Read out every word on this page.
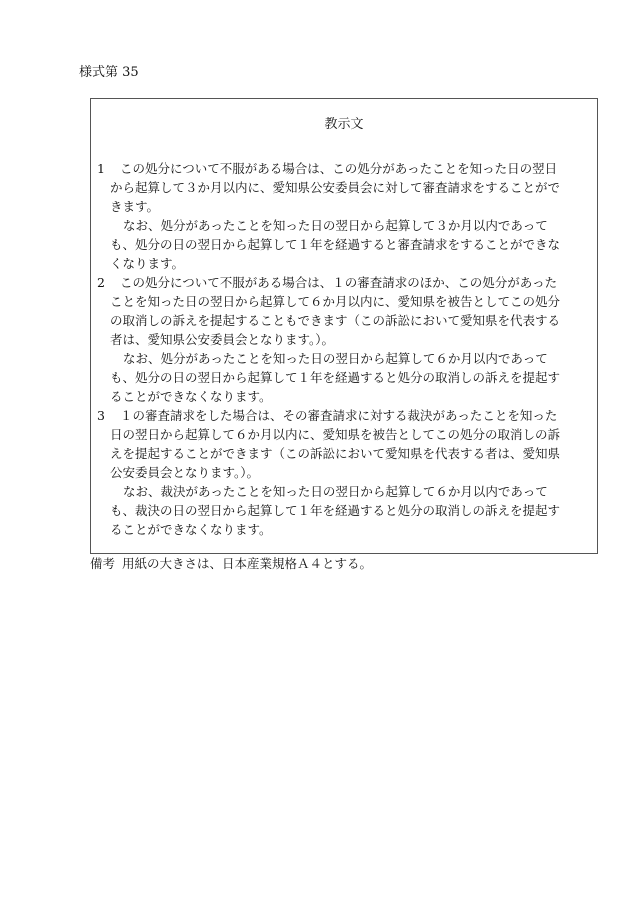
様式第 35
教示文
1 この処分について不服がある場合は、この処分があったことを知った日の翌日
から起算して３か月以内に、愛知県公安委員会に対して審査請求をすることがで
きます。
なお、処分があったことを知った日の翌日から起算して３か月以内であって
も、処分の日の翌日から起算して１年を経過すると審査請求をすることができな
くなります。
2 この処分について不服がある場合は、１の審査請求のほか、この処分があった
ことを知った日の翌日から起算して６か月以内に、愛知県を被告としてこの処分
の取消しの訴えを提起することもできます（この訴訟において愛知県を代表する
者は、愛知県公安委員会となります。）。
なお、処分があったことを知った日の翌日から起算して６か月以内であって
も、処分の日の翌日から起算して１年を経過すると処分の取消しの訴えを提起す
ることができなくなります。
3 １の審査請求をした場合は、その審査請求に対する裁決があったことを知った
日の翌日から起算して６か月以内に、愛知県を被告としてこの処分の取消しの訴
えを提起することができます（この訴訟において愛知県を代表する者は、愛知県
公安委員会となります。）。
なお、裁決があったことを知った日の翌日から起算して６か月以内であって
も、裁決の日の翌日から起算して１年を経過すると処分の取消しの訴えを提起す
ることができなくなります。
備考 用紙の大きさは、日本産業規格Ａ４とする。
